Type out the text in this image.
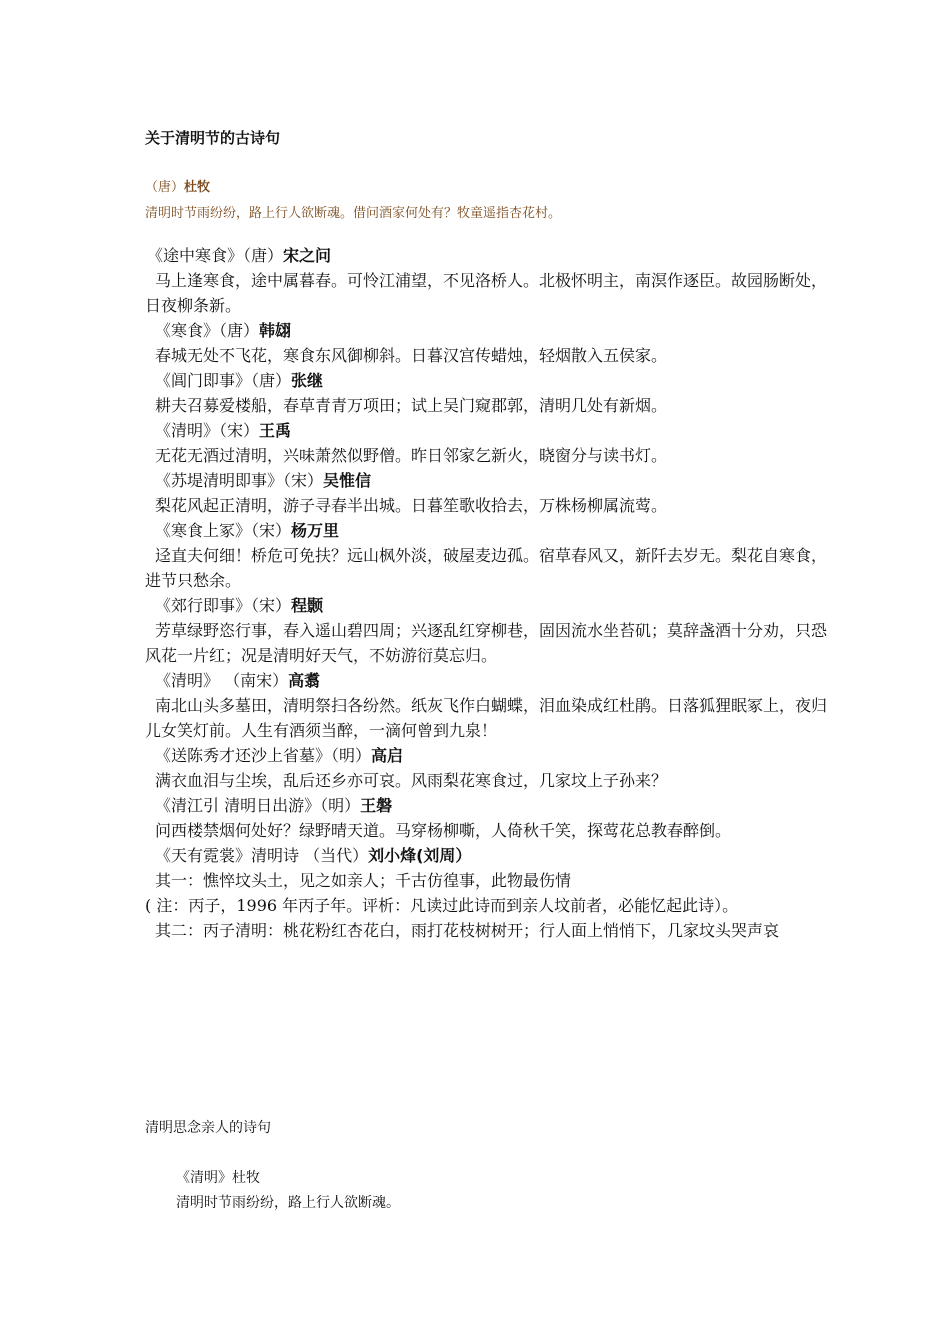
关于清明节的古诗句
（唐）杜牧
清明时节雨纷纷，路上行人欲断魂。借问酒家何处有？牧童遥指杏花村。
《途中寒食》（唐）宋之问
马上逢寒食，途中属暮春。可怜江浦望，不见洛桥人。北极怀明主，南溟作逐臣。故园肠断处，日夜柳条新。
《寒食》（唐）韩翃
春城无处不飞花，寒食东风御柳斜。日暮汉宫传蜡烛，轻烟散入五侯家。
《阊门即事》（唐）张继
耕夫召募爱楼船，春草青青万项田；试上吴门窥郡郭，清明几处有新烟。
《清明》（宋）王禹
无花无酒过清明，兴味萧然似野僧。昨日邻家乞新火，晓窗分与读书灯。
《苏堤清明即事》（宋）吴惟信
梨花风起正清明，游子寻春半出城。日暮笙歌收拾去，万株杨柳属流莺。
《寒食上冢》（宋）杨万里
迳直夫何细！桥危可免扶？远山枫外淡，破屋麦边孤。宿草春风又，新阡去岁无。梨花自寒食，进节只愁余。
《郊行即事》（宋）程颢
芳草绿野恣行事，春入遥山碧四周；兴逐乱红穿柳巷，固因流水坐苔矶；莫辞盏酒十分劝，只恐风花一片红；况是清明好天气，不妨游衍莫忘归。
《清明》 （南宋）高翥
南北山头多墓田，清明祭扫各纷然。纸灰飞作白蝴蝶，泪血染成红杜鹃。日落狐狸眠冢上，夜归儿女笑灯前。人生有酒须当醉，一滴何曾到九泉！
《送陈秀才还沙上省墓》（明）高启
满衣血泪与尘埃，乱后还乡亦可哀。风雨梨花寒食过，几家坟上子孙来？
《清江引 清明日出游》（明）王磐
问西楼禁烟何处好？绿野晴天道。马穿杨柳嘶，人倚秋千笑，探莺花总教春醉倒。
《天有霓裳》清明诗 （当代）刘小烽(刘周）
其一：憔悴坟头土，见之如亲人；千古仿徨事，此物最伤情
( 注：丙子，1996 年丙子年。评析：凡读过此诗而到亲人坟前者，必能忆起此诗）。
其二：丙子清明：桃花粉红杏花白，雨打花枝树树开；行人面上悄悄下，几家坟头哭声哀
清明思念亲人的诗句
《清明》杜牧
清明时节雨纷纷，路上行人欲断魂。
